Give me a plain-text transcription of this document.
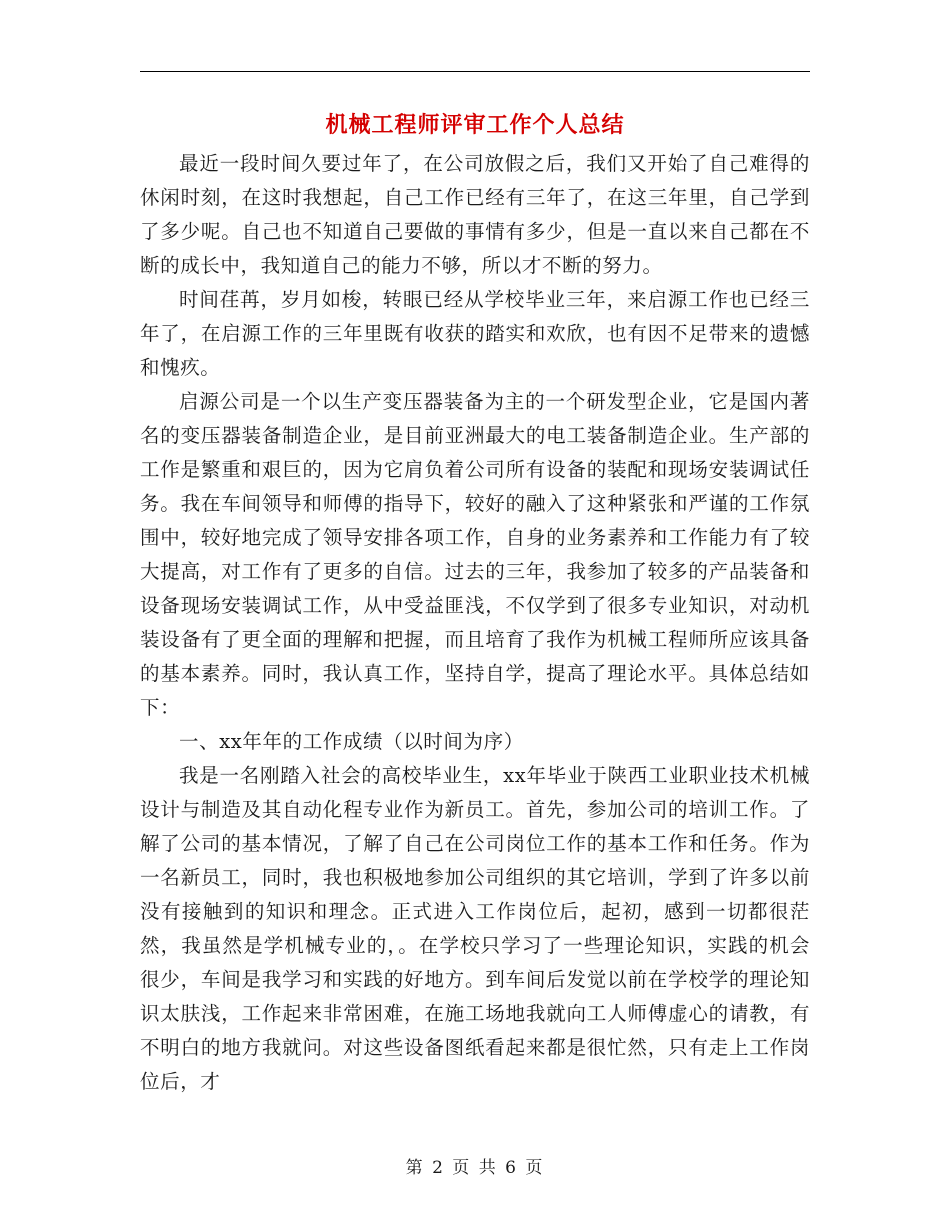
机械工程师评审工作个人总结

最近一段时间久要过年了，在公司放假之后，我们又开始了自己难得的休闲时刻，在这时我想起，自己工作已经有三年了，在这三年里，自己学到了多少呢。自己也不知道自己要做的事情有多少，但是一直以来自己都在不断的成长中，我知道自己的能力不够，所以才不断的努力。

时间荏苒，岁月如梭，转眼已经从学校毕业三年，来启源工作也已经三年了，在启源工作的三年里既有收获的踏实和欢欣，也有因不足带来的遗憾和愧疚。

启源公司是一个以生产变压器装备为主的一个研发型企业，它是国内著名的变压器装备制造企业，是目前亚洲最大的电工装备制造企业。生产部的工作是繁重和艰巨的，因为它肩负着公司所有设备的装配和现场安装调试任务。我在车间领导和师傅的指导下，较好的融入了这种紧张和严谨的工作氛围中，较好地完成了领导安排各项工作，自身的业务素养和工作能力有了较大提高，对工作有了更多的自信。过去的三年，我参加了较多的产品装备和设备现场安装调试工作，从中受益匪浅，不仅学到了很多专业知识，对动机装设备有了更全面的理解和把握，而且培育了我作为机械工程师所应该具备的基本素养。同时，我认真工作，坚持自学，提高了理论水平。具体总结如下：

一、xx年年的工作成绩（以时间为序）

我是一名刚踏入社会的高校毕业生，xx年毕业于陕西工业职业技术机械设计与制造及其自动化程专业作为新员工。首先，参加公司的培训工作。了解了公司的基本情况，了解了自己在公司岗位工作的基本工作和任务。作为一名新员工，同时，我也积极地参加公司组织的其它培训，学到了许多以前没有接触到的知识和理念。正式进入工作岗位后，起初，感到一切都很茫然，我虽然是学机械专业的，。在学校只学习了一些理论知识，实践的机会很少，车间是我学习和实践的好地方。到车间后发觉以前在学校学的理论知识太肤浅，工作起来非常困难，在施工场地我就向工人师傅虚心的请教，有不明白的地方我就问。对这些设备图纸看起来都是很忙然，只有走上工作岗位后，才

第 2 页 共 6 页
